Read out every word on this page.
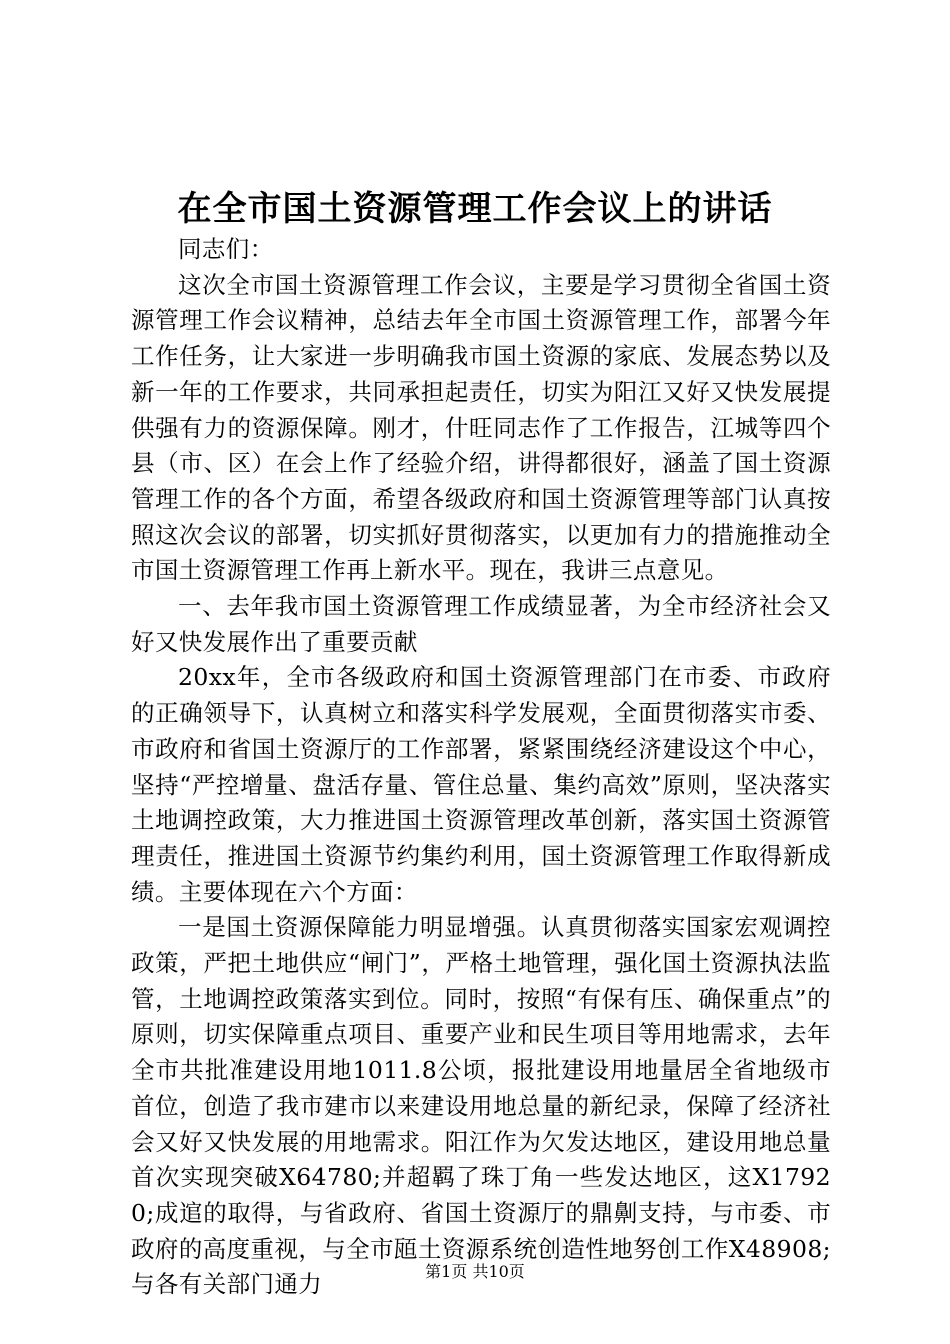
在全市国土资源管理工作会议上的讲话

同志们：

这次全市国土资源管理工作会议，主要是学习贯彻全省国土资源管理工作会议精神，总结去年全市国土资源管理工作，部署今年工作任务，让大家进一步明确我市国土资源的家底、发展态势以及新一年的工作要求，共同承担起责任，切实为阳江又好又快发展提供强有力的资源保障。刚才，什旺同志作了工作报告，江城等四个县（市、区）在会上作了经验介绍，讲得都很好，涵盖了国土资源管理工作的各个方面，希望各级政府和国土资源管理等部门认真按照这次会议的部署，切实抓好贯彻落实，以更加有力的措施推动全市国土资源管理工作再上新水平。现在，我讲三点意见。

一、去年我市国土资源管理工作成绩显著，为全市经济社会又好又快发展作出了重要贡献

20xx年，全市各级政府和国土资源管理部门在市委、市政府的正确领导下，认真树立和落实科学发展观，全面贯彻落实市委、市政府和省国土资源厅的工作部署，紧紧围绕经济建设这个中心，坚持“严控增量、盘活存量、管住总量、集约高效”原则，坚决落实土地调控政策，大力推进国土资源管理改革创新，落实国土资源管理责任，推进国土资源节约集约利用，国土资源管理工作取得新成绩。主要体现在六个方面：

一是国土资源保障能力明显增强。认真贯彻落实国家宏观调控政策，严把土地供应“闸门”，严格土地管理，强化国土资源执法监管，土地调控政策落实到位。同时，按照“有保有压、确保重点”的原则，切实保障重点项目、重要产业和民生项目等用地需求，去年全市共批准建设用地1011.8公顷，报批建设用地量居全省地级市首位，创造了我市建市以来建设用地总量的新纪录，保障了经济社会又好又快发展的用地需求。阳江作为欠发达地区，建设用地总量首次实现突破X64780;并超羁了珠丁角一些发达地区，这X17920;成逭的取得，与省政府、省国土资源厅的鼎劓支持，与市委、市政府的高度重视，与全市瓸土资源系统创造性地努创工作X48908;与各有关部门通力	第1页 共10页
